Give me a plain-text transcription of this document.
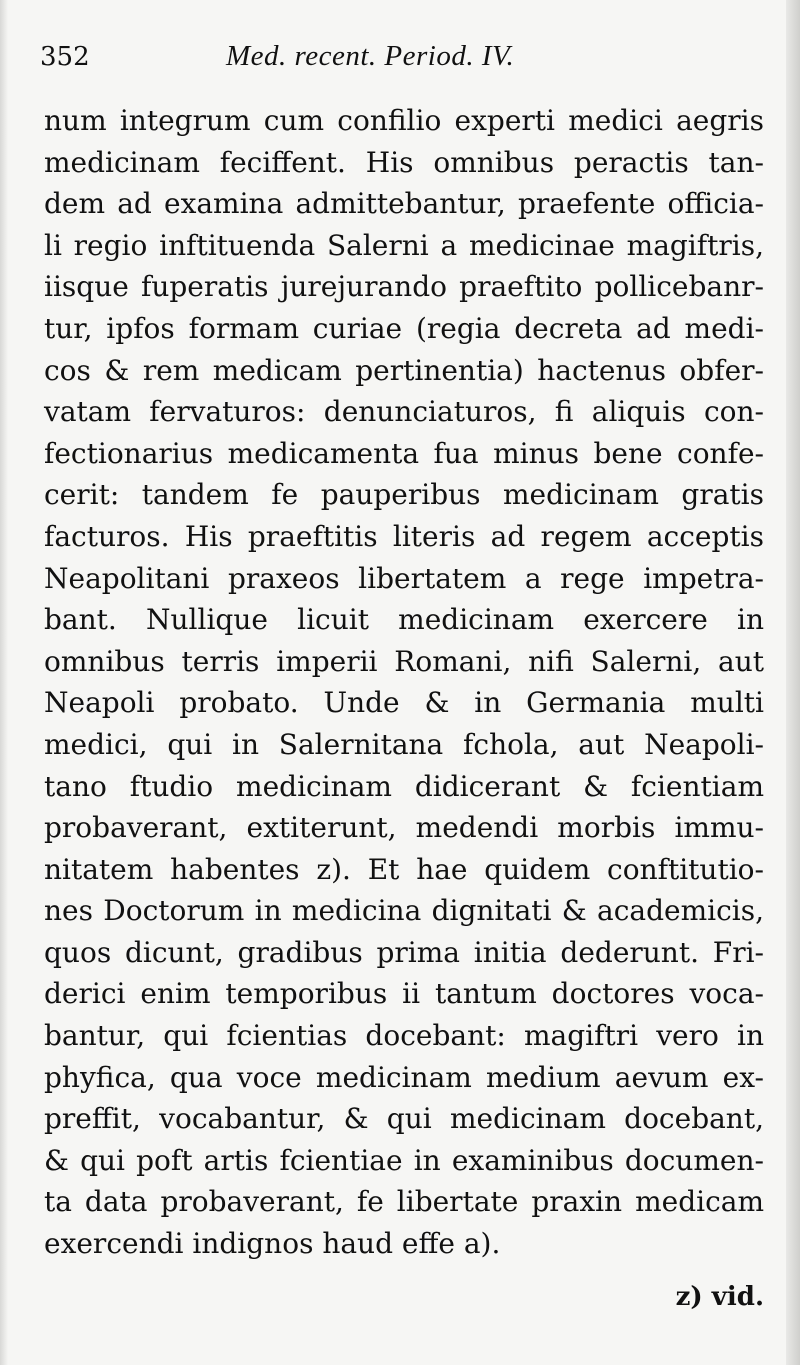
352	Med. recent. Period. IV.
num integrum cum confilio experti medici aegris
medicinam feciffent. His omnibus peractis tan-
dem ad examina admittebantur, praefente officia-
li regio inftituenda Salerni a medicinae magiftris,
iisque fuperatis jurejurando praeftito pollicebanr-
tur, ipfos formam curiae (regia decreta ad medi-
cos & rem medicam pertinentia) hactenus obfer-
vatam fervaturos: denunciaturos, fi aliquis con-
fectionarius medicamenta fua minus bene confe-
cerit: tandem fe pauperibus medicinam gratis
facturos. His praeftitis literis ad regem acceptis
Neapolitani praxeos libertatem a rege impetra-
bant. Nullique licuit medicinam exercere in
omnibus terris imperii Romani, nifi Salerni, aut
Neapoli probato. Unde & in Germania multi
medici, qui in Salernitana fchola, aut Neapoli-
tano ftudio medicinam didicerant & fcientiam
probaverant, extiterunt, medendi morbis immu-
nitatem habentes z). Et hae quidem conftitutio-
nes Doctorum in medicina dignitati & academicis,
quos dicunt, gradibus prima initia dederunt. Fri-
derici enim temporibus ii tantum doctores voca-
bantur, qui fcientias docebant: magiftri vero in
phyfica, qua voce medicinam medium aevum ex-
preffit, vocabantur, & qui medicinam docebant,
& qui poft artis fcientiae in examinibus documen-
ta data probaverant, fe libertate praxin medicam
exercendi indignos haud effe a).
z) vid.
